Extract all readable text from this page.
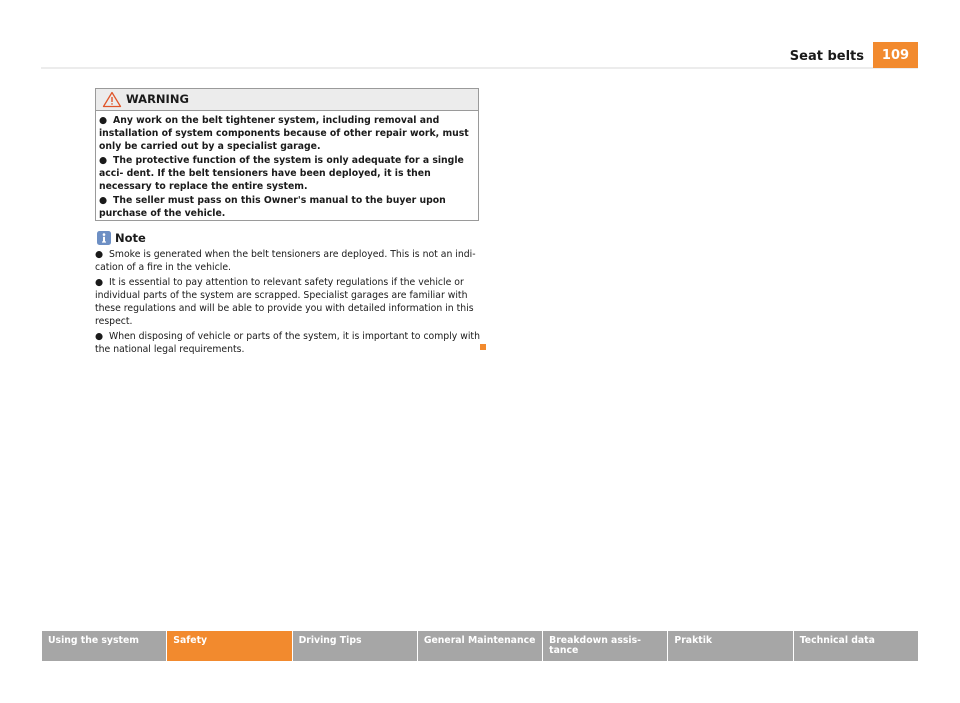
Seat belts	109
WARNING

● Any work on the belt tightener system, including removal and installation of system components because of other repair work, must only be carried out by a specialist garage.

● The protective function of the system is only adequate for a single acci- dent. If the belt tensioners have been deployed, it is then necessary to replace the entire system.

● The seller must pass on this Owner's manual to the buyer upon purchase of the vehicle.

Note

● Smoke is generated when the belt tensioners are deployed. This is not an indi- cation of a fire in the vehicle.

● It is essential to pay attention to relevant safety regulations if the vehicle or individual parts of the system are scrapped. Specialist garages are familiar with these regulations and will be able to provide you with detailed information in this respect.

● When disposing of vehicle or parts of the system, it is important to comply with the national legal requirements.

Using the system	Safety	Driving Tips	General Maintenance	Breakdown assis- tance
Praktik	Technical data
